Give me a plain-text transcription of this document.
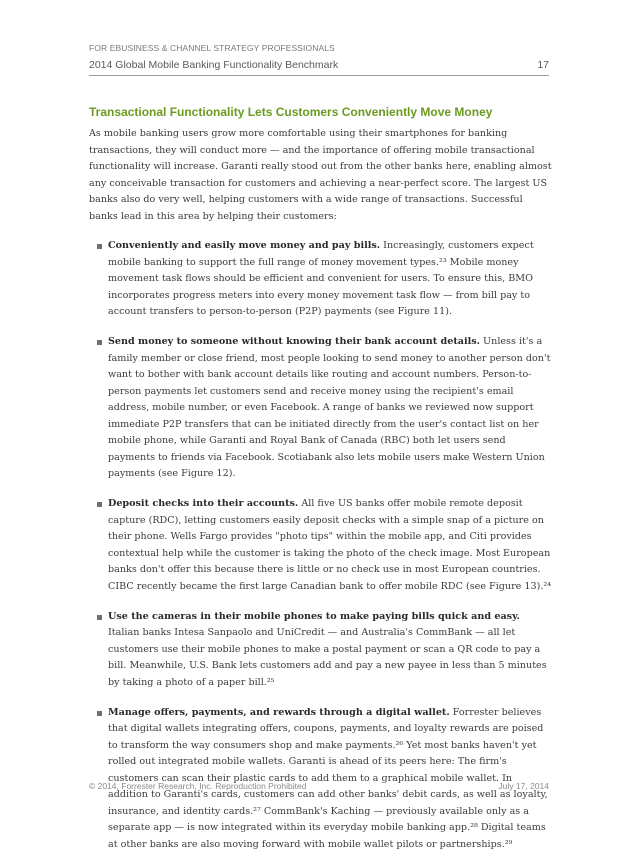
FOR EBUSINESS & CHANNEL STRATEGY PROFESSIONALS
2014 Global Mobile Banking Functionality Benchmark	17
Transactional Functionality Lets Customers Conveniently Move Money

As mobile banking users grow more comfortable using their smartphones for banking transactions, they will conduct more — and the importance of offering mobile transactional functionality will increase. Garanti really stood out from the other banks here, enabling almost any conceivable transaction for customers and achieving a near-perfect score. The largest US banks also do very well, helping customers with a wide range of transactions. Successful banks lead in this area by helping their customers:

Conveniently and easily move money and pay bills. Increasingly, customers expect mobile banking to support the full range of money movement types.²³ Mobile money movement task flows should be efficient and convenient for users. To ensure this, BMO incorporates progress meters into every money movement task flow — from bill pay to account transfers to person-to-person (P2P) payments (see Figure 11).
Send money to someone without knowing their bank account details. Unless it's a family member or close friend, most people looking to send money to another person don't want to bother with bank account details like routing and account numbers. Person-to-person payments let customers send and receive money using the recipient's email address, mobile number, or even Facebook. A range of banks we reviewed now support immediate P2P transfers that can be initiated directly from the user's contact list on her mobile phone, while Garanti and Royal Bank of Canada (RBC) both let users send payments to friends via Facebook. Scotiabank also lets mobile users make Western Union payments (see Figure 12).
Deposit checks into their accounts. All five US banks offer mobile remote deposit capture (RDC), letting customers easily deposit checks with a simple snap of a picture on their phone. Wells Fargo provides "photo tips" within the mobile app, and Citi provides contextual help while the customer is taking the photo of the check image. Most European banks don't offer this because there is little or no check use in most European countries. CIBC recently became the first large Canadian bank to offer mobile RDC (see Figure 13).²⁴
Use the cameras in their mobile phones to make paying bills quick and easy. Italian banks Intesa Sanpaolo and UniCredit — and Australia's CommBank — all let customers use their mobile phones to make a postal payment or scan a QR code to pay a bill. Meanwhile, U.S. Bank lets customers add and pay a new payee in less than 5 minutes by taking a photo of a paper bill.²⁵
Manage offers, payments, and rewards through a digital wallet. Forrester believes that digital wallets integrating offers, coupons, payments, and loyalty rewards are poised to transform the way consumers shop and make payments.²⁶ Yet most banks haven't yet rolled out integrated mobile wallets. Garanti is ahead of its peers here: The firm's customers can scan their plastic cards to add them to a graphical mobile wallet. In addition to Garanti's cards, customers can add other banks' debit cards, as well as loyalty, insurance, and identity cards.²⁷ CommBank's Kaching — previously available only as a separate app — is now integrated within its everyday mobile banking app.²⁸ Digital teams at other banks are also moving forward with mobile wallet pilots or partnerships.²⁹
© 2014, Forrester Research, Inc. Reproduction Prohibited	July 17, 2014
